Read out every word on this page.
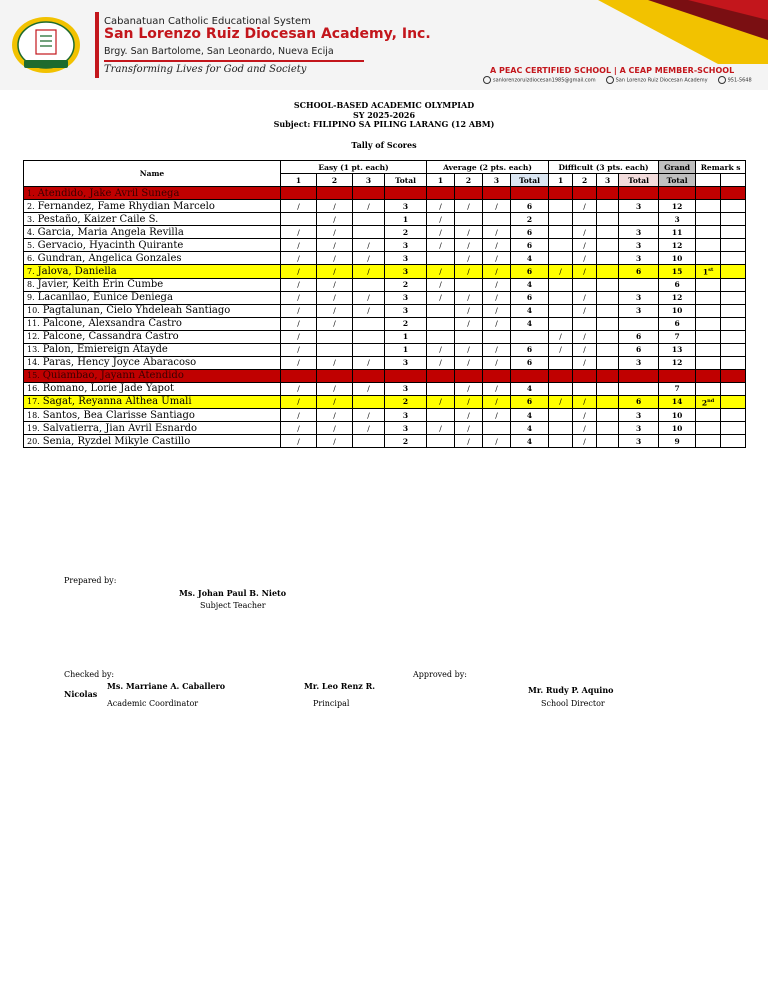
Cabanatuan Catholic Educational System
San Lorenzo Ruiz Diocesan Academy, Inc.
Brgy. San Bartolome, San Leonardo, Nueva Ecija
Transforming Lives for God and Society	A PEAC CERTIFIED SCHOOL | A CEAP MEMBER-SCHOOL
sanlorenzoruizdiocesan1985@gmail.com	San Lorenzo Ruiz Diocesan Academy	951-5648
SCHOOL-BASED ACADEMIC OLYMPIAD
SY 2025-2026
Subject: FILIPINO SA PILING LARANG (12 ABM)
Tally of Scores
Name	Easy (1 pt. each)				Average (2 pts. each)				Difficult (3 pts. each)				Grand	Remark s	
	1	2	3	Total	1	2	3	Total	1	2	3	Total	Total		
1. Atendido, Jake Avril Sunega															
2. Fernandez, Fame Rhydian Marcelo	/	/	/	3	/	/	/	6		/		3	12		
3. Pestaño, Kaizer Caile S.		/		1	/			2					3		
4. Garcia, Maria Angela Revilla	/	/		2	/	/	/	6		/		3	11		
5. Gervacio, Hyacinth Quirante	/	/	/	3	/	/	/	6		/		3	12		
6. Gundran, Angelica Gonzales	/	/	/	3		/	/	4		/		3	10		
7. Jalova, Daniella	/	/	/	3	/	/	/	6	/	/		6	15	1st	
8. Javier, Keith Erin Cumbe	/	/		2	/		/	4					6		
9. Lacanilao, Eunice Deniega	/	/	/	3	/	/	/	6		/		3	12		
10. Pagtalunan, Cielo Yhdeleah Santiago	/	/	/	3		/	/	4		/		3	10		
11. Palcone, Alexsandra Castro	/	/		2		/	/	4					6		
12. Palcone, Cassandra Castro	/			1					/	/		6	7		
13. Palon, Emiereign Atayde	/			1	/	/	/	6	/	/		6	13		
14. Paras, Hency Joyce Abaracoso	/	/	/	3	/	/	/	6		/		3	12		
15. Quiambao, Jayann Atendido															
16. Romano, Lorie Jade Yapot	/	/	/	3		/	/	4					7		
17. Sagat, Reyanna Althea Umali	/	/		2	/	/	/	6	/	/		6	14	2nd	
18. Santos, Bea Clarisse Santiago	/	/	/	3		/	/	4		/		3	10		
19. Salvatierra, Jian Avril Esnardo	/	/	/	3	/	/		4		/		3	10		
20. Senia, Ryzdel Mikyle Castillo	/	/		2		/	/	4		/		3	9		
Prepared by:
Ms. Johan Paul B. Nieto
Subject Teacher
Checked by:
Ms. Marriane A. Caballero
Nicolas
Academic Coordinator
Mr. Leo Renz R.
Principal
Approved by:
Mr. Rudy P. Aquino
School Director
